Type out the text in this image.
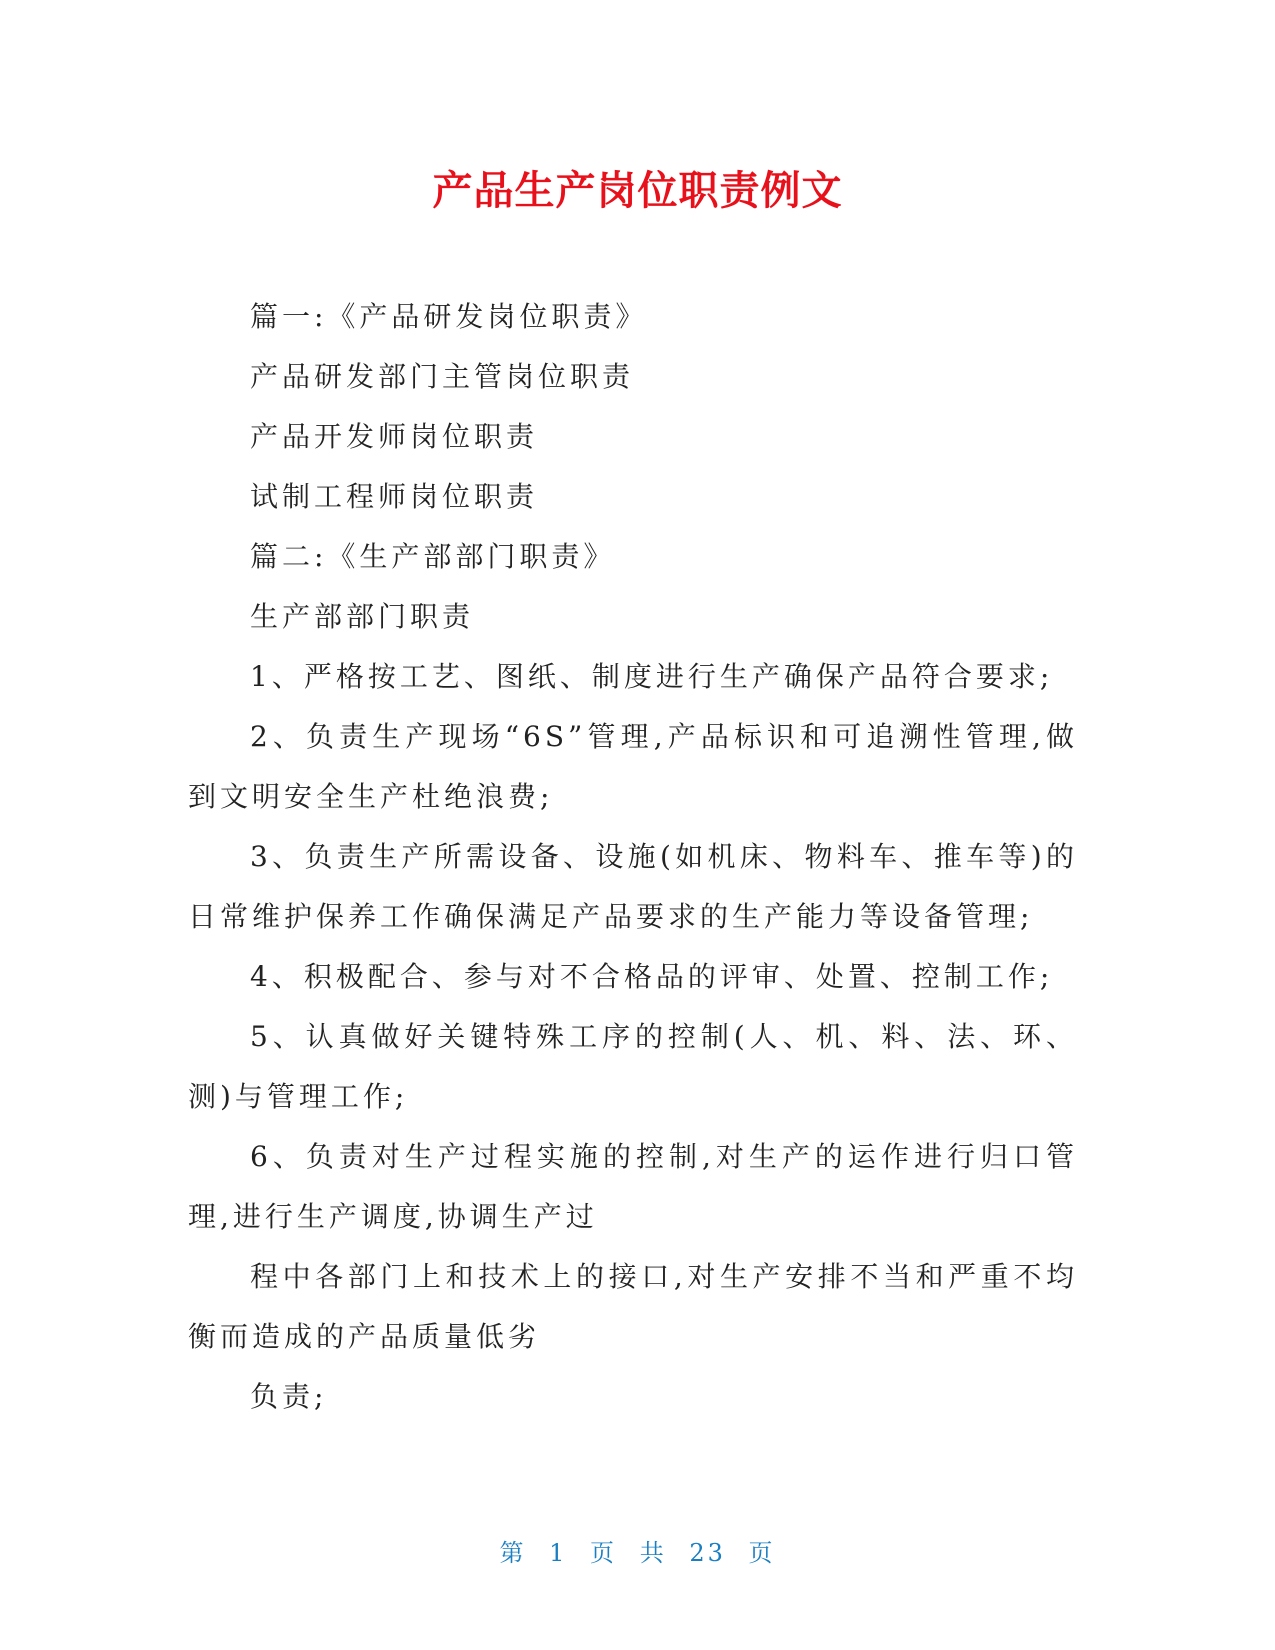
产品生产岗位职责例文

篇一:《产品研发岗位职责》

产品研发部门主管岗位职责

产品开发师岗位职责

试制工程师岗位职责

篇二:《生产部部门职责》

生产部部门职责

1、严格按工艺、图纸、制度进行生产确保产品符合要求;

2、负责生产现场“6S”管理,产品标识和可追溯性管理,做到文明安全生产杜绝浪费;

3、负责生产所需设备、设施(如机床、物料车、推车等)的日常维护保养工作确保满足产品要求的生产能力等设备管理;

4、积极配合、参与对不合格品的评审、处置、控制工作;

5、认真做好关键特殊工序的控制(人、机、料、法、环、测)与管理工作;

6、负责对生产过程实施的控制,对生产的运作进行归口管理,进行生产调度,协调生产过

程中各部门上和技术上的接口,对生产安排不当和严重不均衡而造成的产品质量低劣

负责;

第 1 页 共 23 页
